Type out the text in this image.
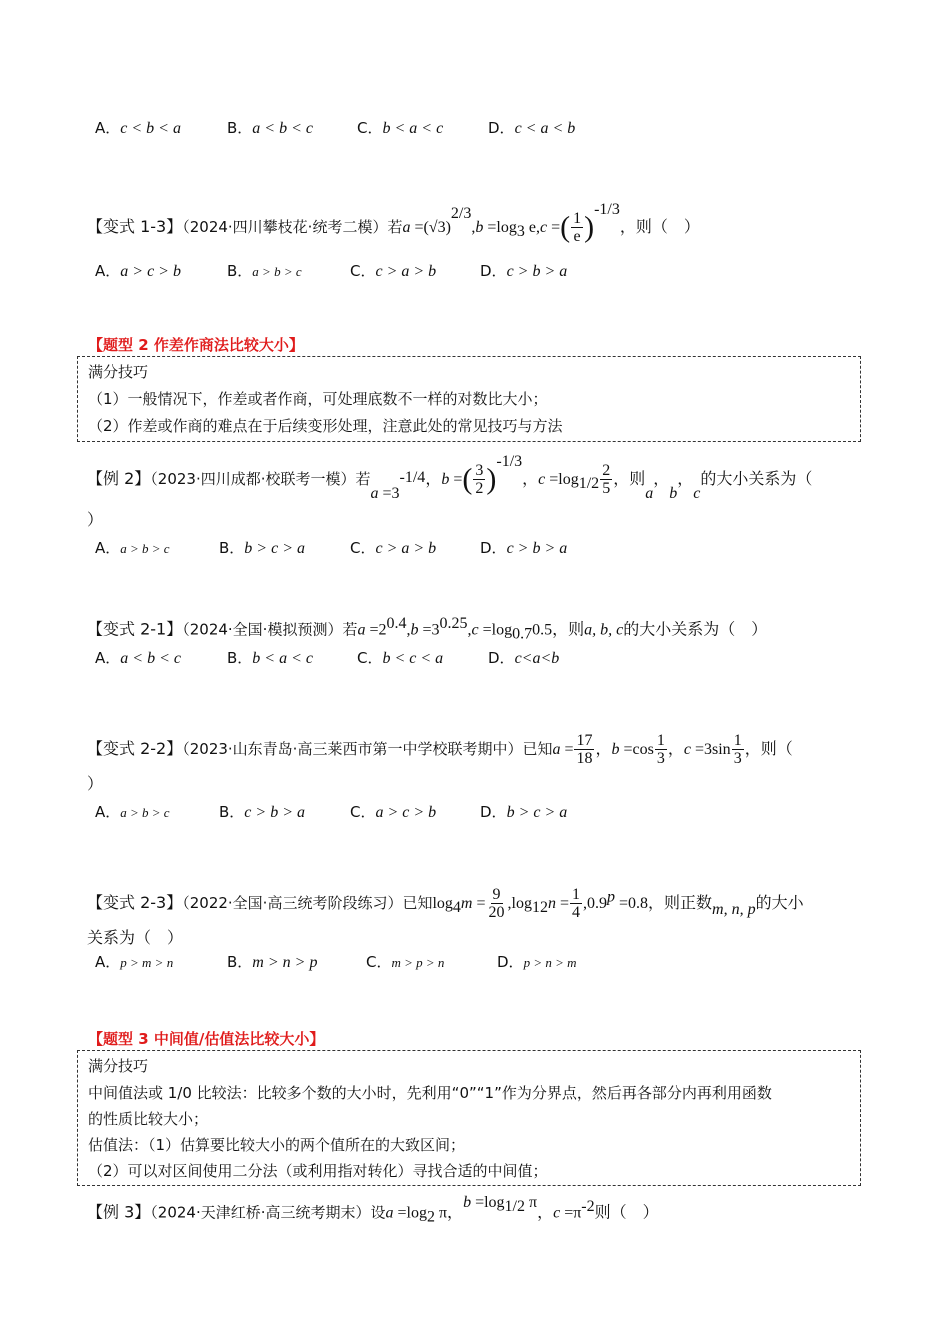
A．c < b < a	B．a < b < c	C．b < a < c	D．c < a < b
【变式 1-3】（2024·四川攀枝花·统考二模）若$a =(√3)^{2/3},b =\log_3$ e,c =( $\frac{1}{e} )^{-1/3}$，则（　）
A．a > c > b	B．a > b > c	C．c > a > b	D．c > b > a
【题型 2 作差作商法比较大小】
满分技巧
（1）一般情况下，作差或者作商，可处理底数不一样的对数比大小；
（2）作差或作商的难点在于后续变形处理，注意此处的常见技巧与方法
【例 2】（2023·四川成都·校联考一模）若$a =3^{-1/4}$，b =( $\frac{3}{2} )^{-1/3}$，$c =\log_{1/2} \frac{2}{5}$ ，则a，b，c的大小关系为（
）
A．a > b > c	B．b > c > a	C．c > a > b	D．c > b > a
【变式 2-1】（2024·全国·模拟预测）若$a =2^{0.4},b =3^{0.25},c =\log_{0.7}0.5$，则a, b, c的大小关系为（　）
A．a < b < c	B．b < a < c	C．b < c < a	D．c<a<b
【变式 2-2】（2023·山东青岛·高三莱西市第一中学校联考期中）已知$a = \frac{17}{18}$ ，$b =\cos \frac{1}{3}$ ，$c =3\sin \frac{1}{3}$ ，则（
）
A．a > b > c	B．c > b > a	C．a > c > b	D．b > c > a
【变式 2-3】（2022·全国·高三统考阶段练习）已知$\log_4m = \frac{9}{20} ,\log_{12}n = \frac{1}{4} ,0.9^p =0.8$，则正数m, n, p的大小
关系为（　）
A．p > m > n	B．m > n > p	C．m > p > n	D．p > n > m
【题型 3 中间值/估值法比较大小】
满分技巧
中间值法或 1/0 比较法：比较多个数的大小时，先利用“0”“1”作为分界点，然后再各部分内再利用函数
的性质比较大小；
估值法：（1）估算要比较大小的两个值所在的大致区间；
（2）可以对区间使用二分法（或利用指对转化）寻找合适的中间值；
【例 3】（2024·天津红桥·高三统考期末）设$a =\log_2$ π，$b =\log_{1/2}$ π，$c =\pi^{-2}$则（　）
